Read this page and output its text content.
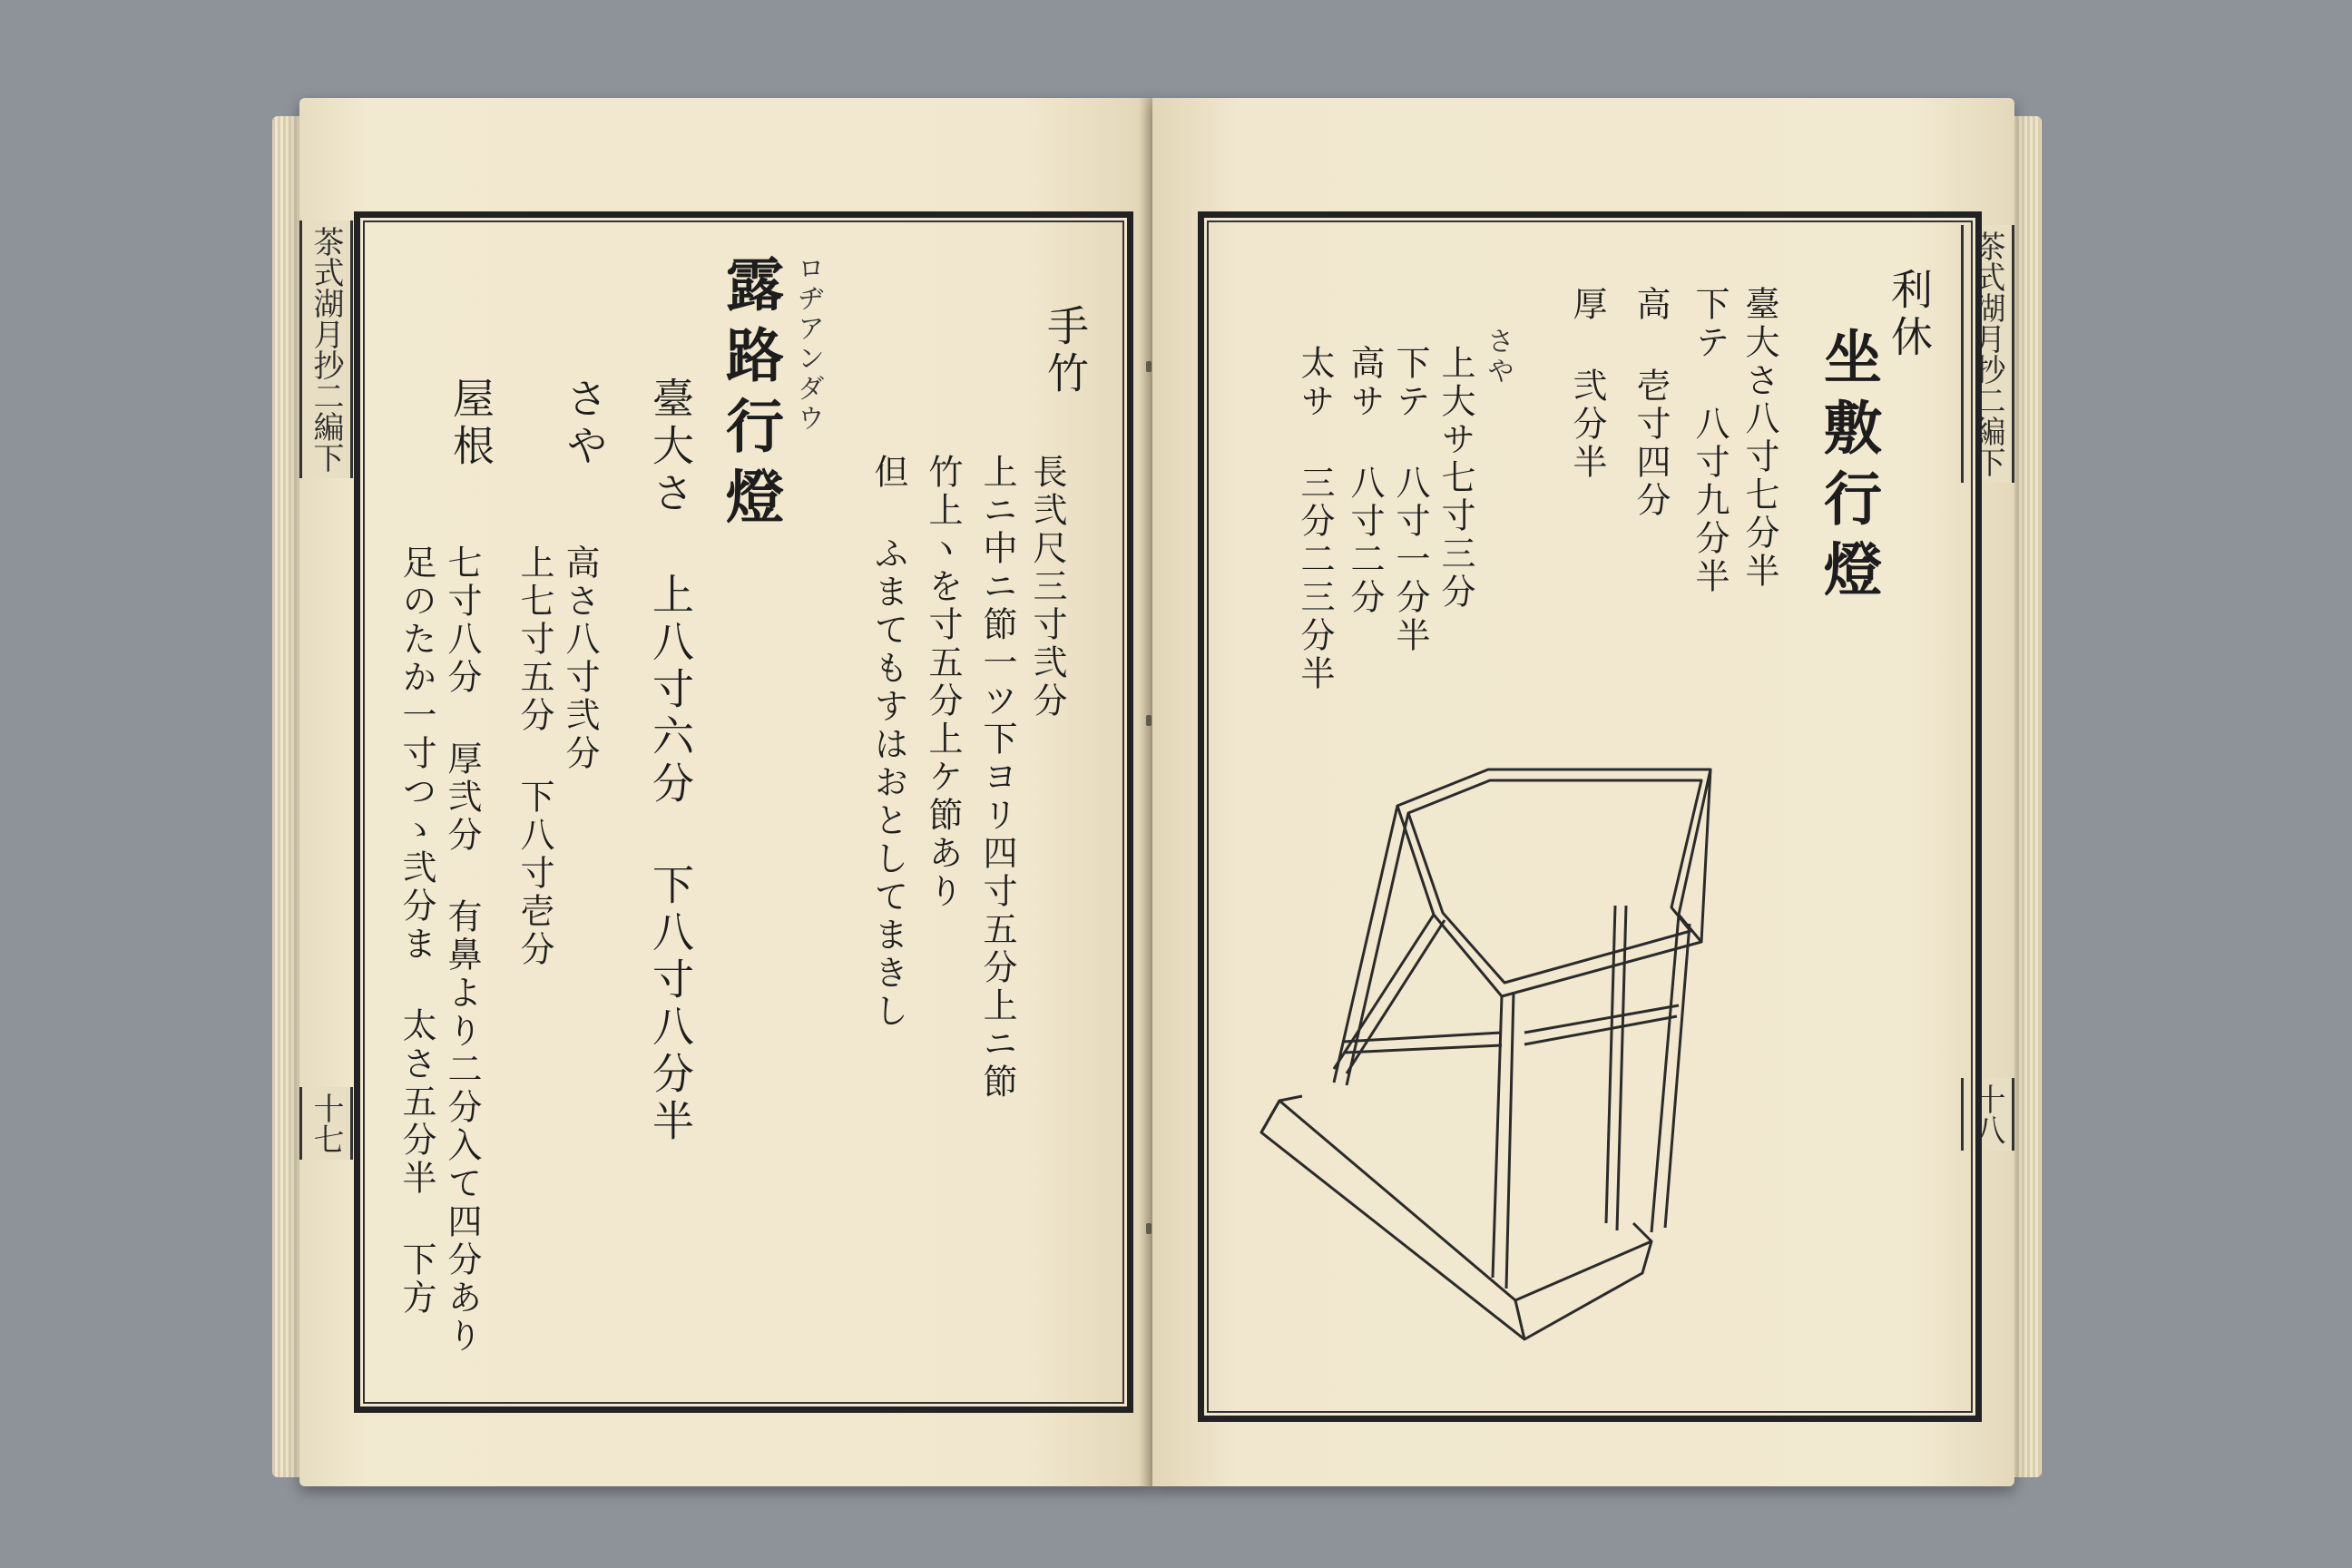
茶式湖月抄二編下
十七
手竹
長弐尺三寸弐分
上ニ中ニ節一ツ下ヨリ四寸五分上ニ節
竹上ヽを寸五分上ケ節あり
但 ふまてもすはおとしてまきし
ロヂアンダウ
露路行燈
臺大さ 上八寸六分 下八寸八分半
さや
高さ八寸弐分
上七寸五分 下八寸壱分
屋根
七寸八分 厚弐分 有鼻より二分入て四分あり
足のたか一寸つゝ弐分ま 太さ五分半 下方
茶式湖月抄二編下
十八
利休
坐敷行燈
臺大さ八寸七分半
下テ 八寸九分半
高 壱寸四分
厚 弐分半
さや
上大サ七寸三分
下テ 八寸一分半
高サ 八寸二分
太サ 三分二三分半
